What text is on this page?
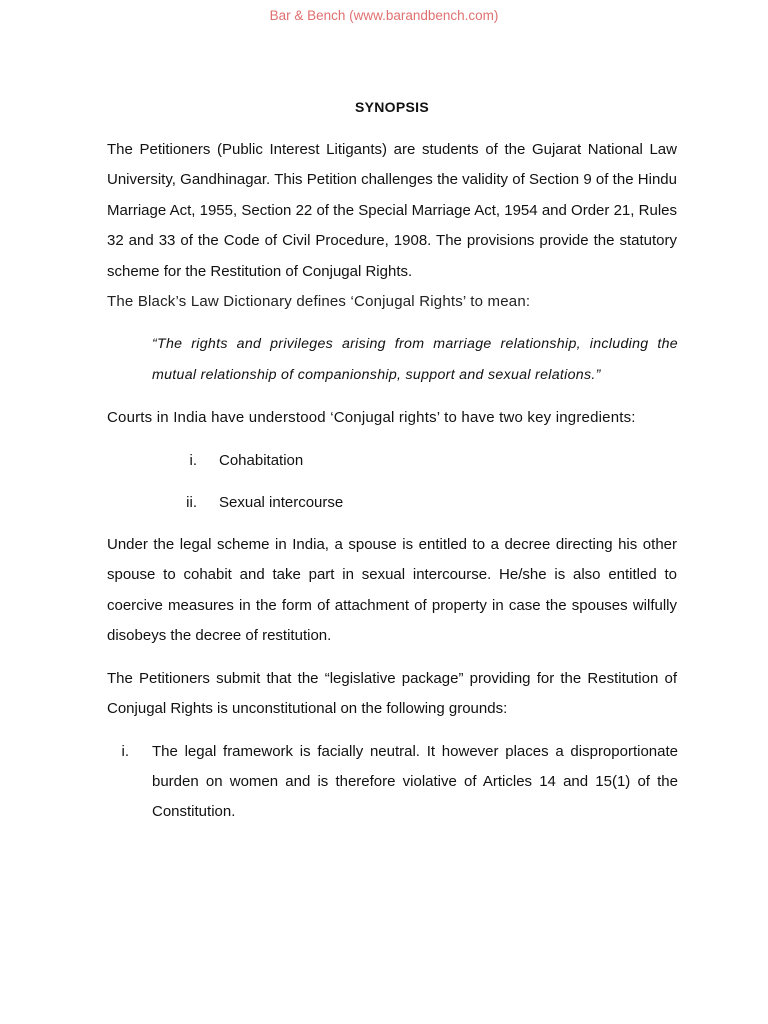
Bar & Bench (www.barandbench.com)
SYNOPSIS

The Petitioners (Public Interest Litigants) are students of the Gujarat National Law University, Gandhinagar. This Petition challenges the validity of Section 9 of the Hindu Marriage Act, 1955, Section 22 of the Special Marriage Act, 1954 and Order 21, Rules 32 and 33 of the Code of Civil Procedure, 1908. The provisions provide the statutory scheme for the Restitution of Conjugal Rights.

The Black’s Law Dictionary defines ‘Conjugal Rights’ to mean:

“The rights and privileges arising from marriage relationship, including the mutual relationship of companionship, support and sexual relations.”

Courts in India have understood ‘Conjugal rights’ to have two key ingredients:

i. Cohabitation
ii. Sexual intercourse

Under the legal scheme in India, a spouse is entitled to a decree directing his other spouse to cohabit and take part in sexual intercourse. He/she is also entitled to coercive measures in the form of attachment of property in case the spouses wilfully disobeys the decree of restitution.

The Petitioners submit that the “legislative package” providing for the Restitution of Conjugal Rights is unconstitutional on the following grounds:

i. The legal framework is facially neutral. It however places a disproportionate burden on women and is therefore violative of Articles 14 and 15(1) of the Constitution.
